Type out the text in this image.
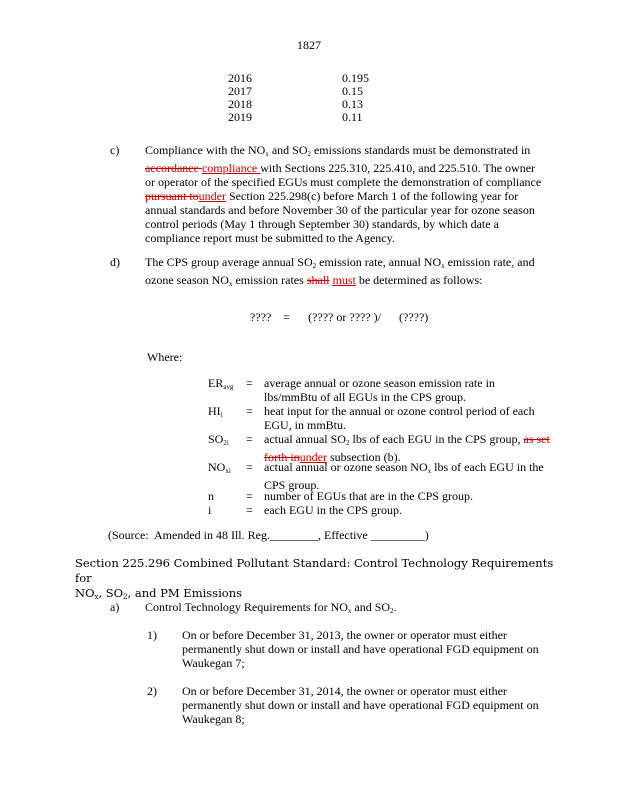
1827
2016	0.195
2017	0.15
2018	0.13
2019	0.11
c) Compliance with the $NO_x$ and $SO_2$ emissions standards must be demonstrated in accordance compliance with Sections 225.310, 225.410, and 225.510. The owner or operator of the specified EGUs must complete the demonstration of compliance pursuant tounder Section 225.298(c) before March 1 of the following year for annual standards and before November 30 of the particular year for ozone season control periods (May 1 through September 30) standards, by which date a compliance report must be submitted to the Agency.
d) The CPS group average annual $SO_2$ emission rate, annual $NO_x$ emission rate, and ozone season $NO_x$ emission rates shall must be determined as follows:
????    =      (???? or ???? )/      (????)
Where:
$ER_{avg}$ = average annual or ozone season emission rate in lbs/mmBtu of all EGUs in the CPS group.
$HI_i$ = heat input for the annual or ozone control period of each EGU, in mmBtu.
$SO_{2i}$ = actual annual $SO_2$ lbs of each EGU in the CPS group, as set forth inunder subsection (b).
$NO_{xi}$ = actual annual or ozone season $NO_x$ lbs of each EGU in the CPS group.
n	= number of EGUs that are in the CPS group.
i	= each EGU in the CPS group.
(Source:  Amended in 48 Ill. Reg.________, Effective _________)
Section 225.296 Combined Pollutant Standard: Control Technology Requirements for
$NO_x$, $SO_2$, and PM Emissions
a) Control Technology Requirements for $NO_x$ and $SO_2$.
1) On or before December 31, 2013, the owner or operator must either permanently shut down or install and have operational FGD equipment on Waukegan 7;
2) On or before December 31, 2014, the owner or operator must either permanently shut down or install and have operational FGD equipment on Waukegan 8;
